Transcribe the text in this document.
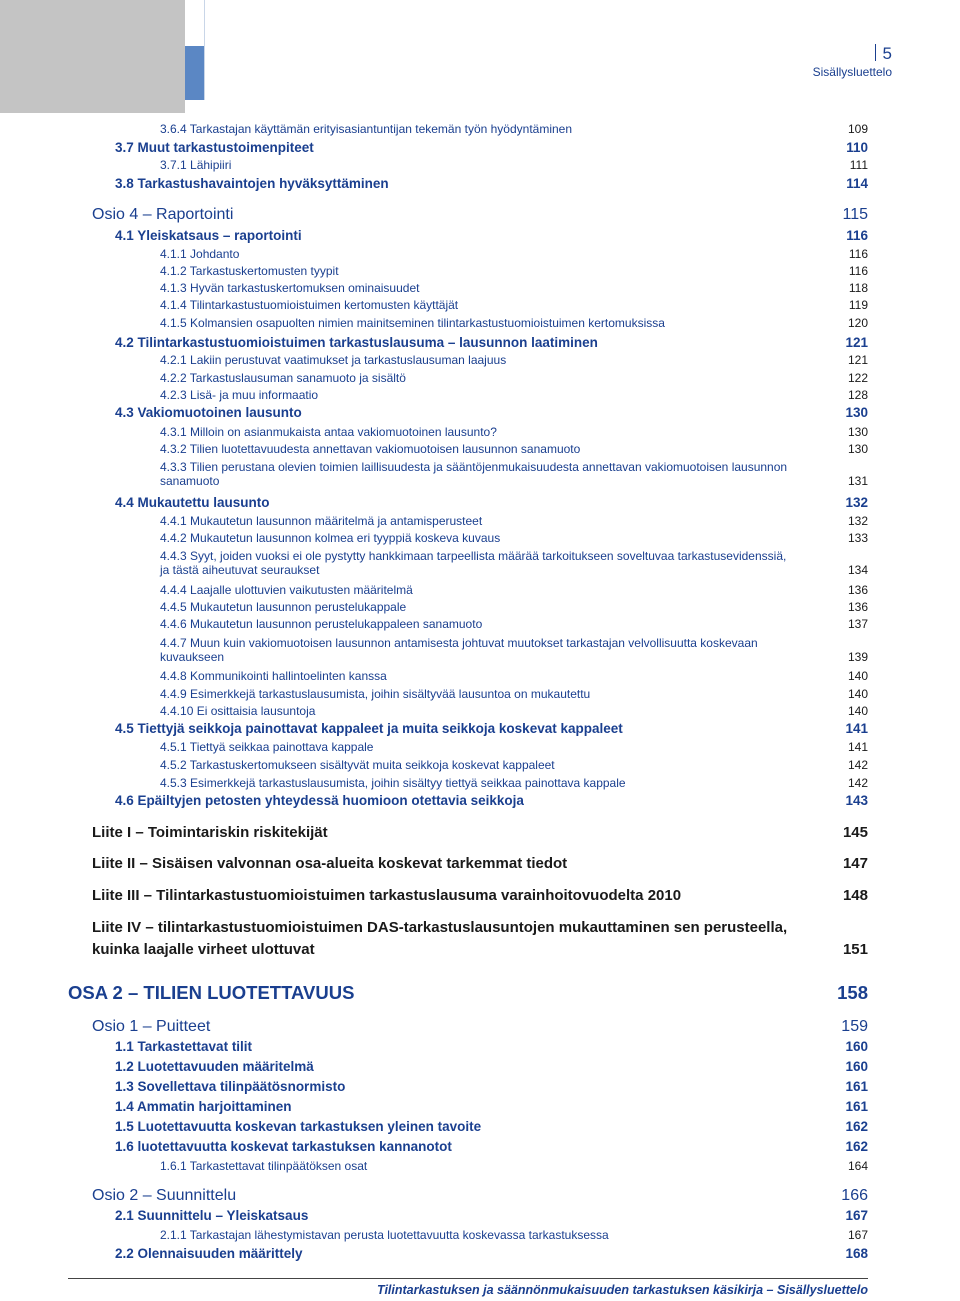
5
Sisällysluettelo
3.6.4 Tarkastajan käyttämän erityisasiantuntijan tekemän työn hyödyntäminen	109
3.7 Muut tarkastustoimenpiteet	110
3.7.1 Lähipiiri	111
3.8 Tarkastushavaintojen hyväksyttäminen	114
Osio 4 – Raportointi	115
4.1 Yleiskatsaus – raportointi	116
4.1.1 Johdanto	116
4.1.2 Tarkastuskertomusten tyypit	116
4.1.3 Hyvän tarkastuskertomuksen ominaisuudet	118
4.1.4 Tilintarkastustuomioistuimen kertomusten käyttäjät	119
4.1.5 Kolmansien osapuolten nimien mainitseminen tilintarkastustuomioistuimen kertomuksissa	120
4.2 Tilintarkastustuomioistuimen tarkastuslausuma – lausunnon laatiminen	121
4.2.1 Lakiin perustuvat vaatimukset ja tarkastuslausuman laajuus	121
4.2.2 Tarkastuslausuman sanamuoto ja sisältö	122
4.2.3 Lisä- ja muu informaatio	128
4.3 Vakiomuotoinen lausunto	130
4.3.1 Milloin on asianmukaista antaa vakiomuotoinen lausunto?	130
4.3.2 Tilien luotettavuudesta annettavan vakiomuotoisen lausunnon sanamuoto	130
4.3.3 Tilien perustana olevien toimien laillisuudesta ja sääntöjenmukaisuudesta annettavan vakiomuotoisen lausunnon sanamuoto	131
4.4 Mukautettu lausunto	132
4.4.1 Mukautetun lausunnon määritelmä ja antamisperusteet	132
4.4.2 Mukautetun lausunnon kolmea eri tyyppiä koskeva kuvaus	133
4.4.3 Syyt, joiden vuoksi ei ole pystytty hankkimaan tarpeellista määrää tarkoitukseen soveltuvaa tarkastusevidenssiä, ja tästä aiheutuvat seuraukset	134
4.4.4 Laajalle ulottuvien vaikutusten määritelmä	136
4.4.5 Mukautetun lausunnon perustelukappale	136
4.4.6 Mukautetun lausunnon perustelukappaleen sanamuoto	137
4.4.7 Muun kuin vakiomuotoisen lausunnon antamisesta johtuvat muutokset tarkastajan velvollisuutta koskevaan kuvaukseen	139
4.4.8 Kommunikointi hallintoelinten kanssa	140
4.4.9 Esimerkkejä tarkastuslausumista, joihin sisältyvää lausuntoa on mukautettu	140
4.4.10 Ei osittaisia lausuntoja	140
4.5 Tiettyjä seikkoja painottavat kappaleet ja muita seikkoja koskevat kappaleet	141
4.5.1 Tiettyä seikkaa painottava kappale	141
4.5.2 Tarkastuskertomukseen sisältyvät muita seikkoja koskevat kappaleet	142
4.5.3 Esimerkkejä tarkastuslausumista, joihin sisältyy tiettyä seikkaa painottava kappale	142
4.6 Epäiltyjen petosten yhteydessä huomioon otettavia seikkoja	143
Liite I – Toimintariskin riskitekijät	145
Liite II – Sisäisen valvonnan osa-alueita koskevat tarkemmat tiedot	147
Liite III – Tilintarkastustuomioistuimen tarkastuslausuma varainhoitovuodelta 2010	148
Liite IV – tilintarkastustuomioistuimen DAS-tarkastuslausuntojen mukauttaminen sen perusteella, kuinka laajalle virheet ulottuvat	151
OSA 2 – TILIEN LUOTETTAVUUS	158
Osio 1 – Puitteet	159
1.1 Tarkastettavat tilit	160
1.2 Luotettavuuden määritelmä	160
1.3 Sovellettava tilinpäätösnormisto	161
1.4 Ammatin harjoittaminen	161
1.5 Luotettavuutta koskevan tarkastuksen yleinen tavoite	162
1.6 luotettavuutta koskevat tarkastuksen kannanotot	162
1.6.1 Tarkastettavat tilinpäätöksen osat	164
Osio 2 – Suunnittelu	166
2.1 Suunnittelu – Yleiskatsaus	167
2.1.1 Tarkastajan lähestymistavan perusta luotettavuutta koskevassa tarkastuksessa	167
2.2 Olennaisuuden määrittely	168
Tilintarkastuksen ja säännönmukaisuuden tarkastuksen käsikirja – Sisällysluettelo
